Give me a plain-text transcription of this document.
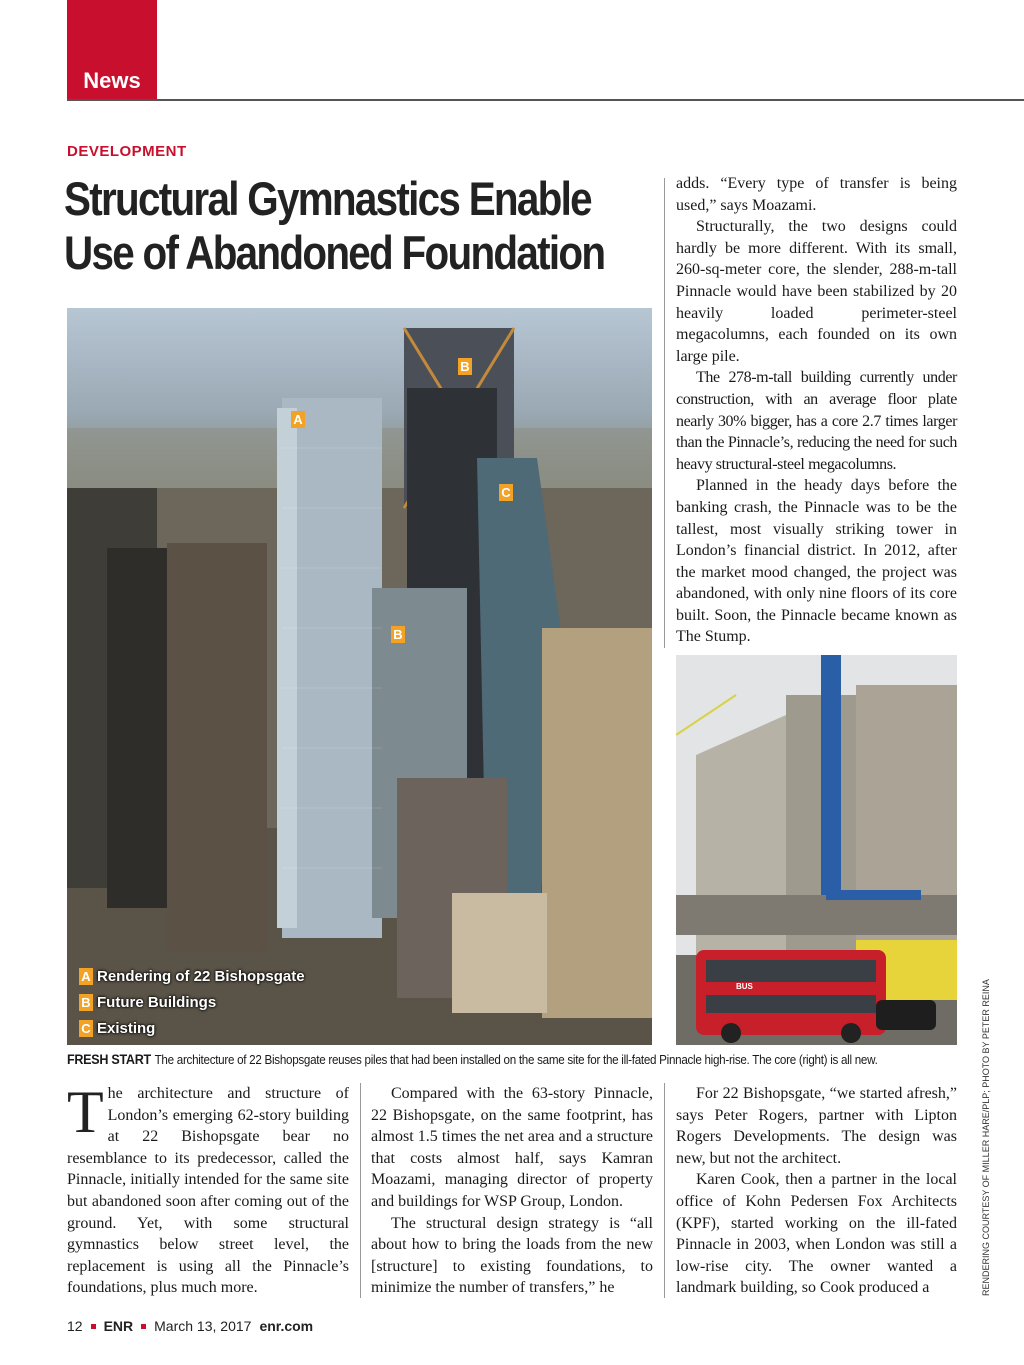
News
DEVELOPMENT
Structural Gymnastics Enable
Use of Abandoned Foundation
A
B
C
B
A Rendering of 22 Bishopsgate
B Future Buildings
C Existing

adds. “Every type of transfer is being used,” says Moazami.

Structurally, the two designs could hardly be more different. With its small, 260-sq-meter core, the slender, 288-m-tall Pinnacle would have been stabilized by 20 heavily loaded perimeter-steel megacolumns, each founded on its own large pile.

The 278-m-tall building currently under construction, with an average floor plate nearly 30% bigger, has a core 2.7 times larger than the Pinnacle’s, reducing the need for such heavy structural-steel megacolumns.

Planned in the heady days before the banking crash, the Pinnacle was to be the tallest, most visually striking tower in London’s financial district. In 2012, after the market mood changed, the project was abandoned, with only nine floors of its core built. Soon, the Pinnacle became known as The Stump.

BUS
FRESH START The architecture of 22 Bishopsgate reuses piles that had been installed on the same site for the ill-fated Pinnacle high-rise. The core (right) is all new.	RENDERING COURTESY OF MILLER HARE/PLP; PHOTO BY PETER REINA

The architecture and structure of London’s emerging 62-story building at 22 Bishopsgate bear no resemblance to its predecessor, called the Pinnacle, initially intended for the same site but abandoned soon after coming out of the ground. Yet, with some structural gymnastics below street level, the replacement is using all the Pinnacle’s foundations, plus much more.

Compared with the 63-story Pinnacle, 22 Bishopsgate, on the same footprint, has almost 1.5 times the net area and a structure that costs almost half, says Kamran Moazami, managing director of property and buildings for WSP Group, London.

The structural design strategy is “all about how to bring the loads from the new [structure] to existing foundations, to minimize the number of transfers,” he

For 22 Bishopsgate, “we started afresh,” says Peter Rogers, partner with Lipton Rogers Developments. The design was new, but not the architect.

Karen Cook, then a partner in the local office of Kohn Pedersen Fox Architects (KPF), started working on the ill-fated Pinnacle in 2003, when London was still a low-rise city. The owner wanted a landmark building, so Cook produced a

12 ENR March 13, 2017 enr.com
